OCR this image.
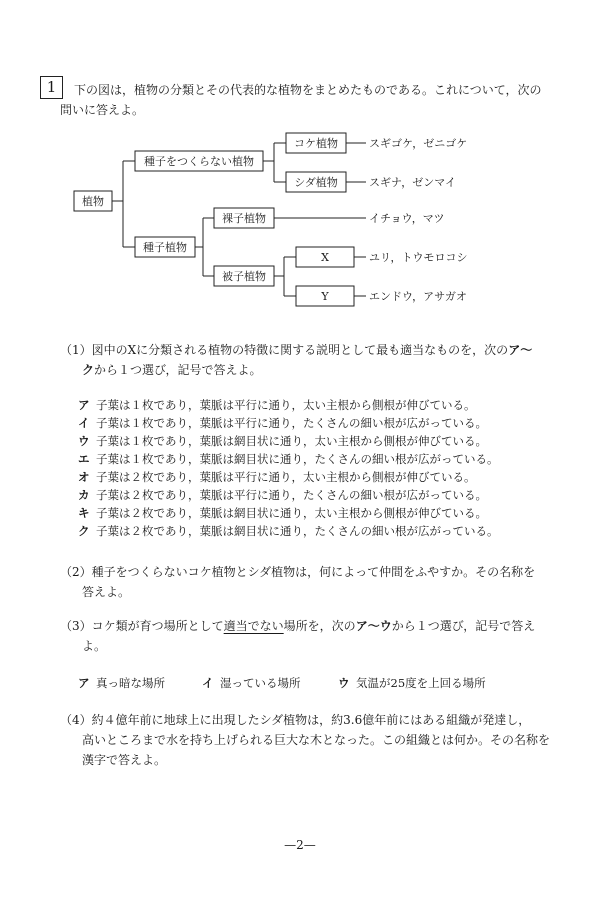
1	下の図は，植物の分類とその代表的な植物をまとめたものである。これについて，次の
問いに答えよ。
植物
種子をつくらない植物
種子植物
コケ植物
シダ植物
裸子植物
被子植物
X
Y
スギゴケ，ゼニゴケ
スギナ，ゼンマイ
イチョウ，マツ
ユリ，トウモロコシ
エンドウ，アサガオ
（1）図中のXに分類される植物の特徴に関する説明として最も適当なものを，次のア～
クから１つ選び，記号で答えよ。
ア 子葉は１枚であり，葉脈は平行に通り，太い主根から側根が伸びている。
イ 子葉は１枚であり，葉脈は平行に通り，たくさんの細い根が広がっている。
ウ 子葉は１枚であり，葉脈は網目状に通り，太い主根から側根が伸びている。
エ 子葉は１枚であり，葉脈は網目状に通り，たくさんの細い根が広がっている。
オ 子葉は２枚であり，葉脈は平行に通り，太い主根から側根が伸びている。
カ 子葉は２枚であり，葉脈は平行に通り，たくさんの細い根が広がっている。
キ 子葉は２枚であり，葉脈は網目状に通り，太い主根から側根が伸びている。
ク 子葉は２枚であり，葉脈は網目状に通り，たくさんの細い根が広がっている。
（2）種子をつくらないコケ植物とシダ植物は，何によって仲間をふやすか。その名称を
答えよ。
（3）コケ類が育つ場所として適当でない場所を，次のア～ウから１つ選び，記号で答え
よ。
ア 真っ暗な場所	イ 湿っている場所	ウ 気温が25度を上回る場所
（4）約４億年前に地球上に出現したシダ植物は，約3.6億年前にはある組織が発達し，
高いところまで水を持ち上げられる巨大な木となった。この組織とは何か。その名称を
漢字で答えよ。
—2—
